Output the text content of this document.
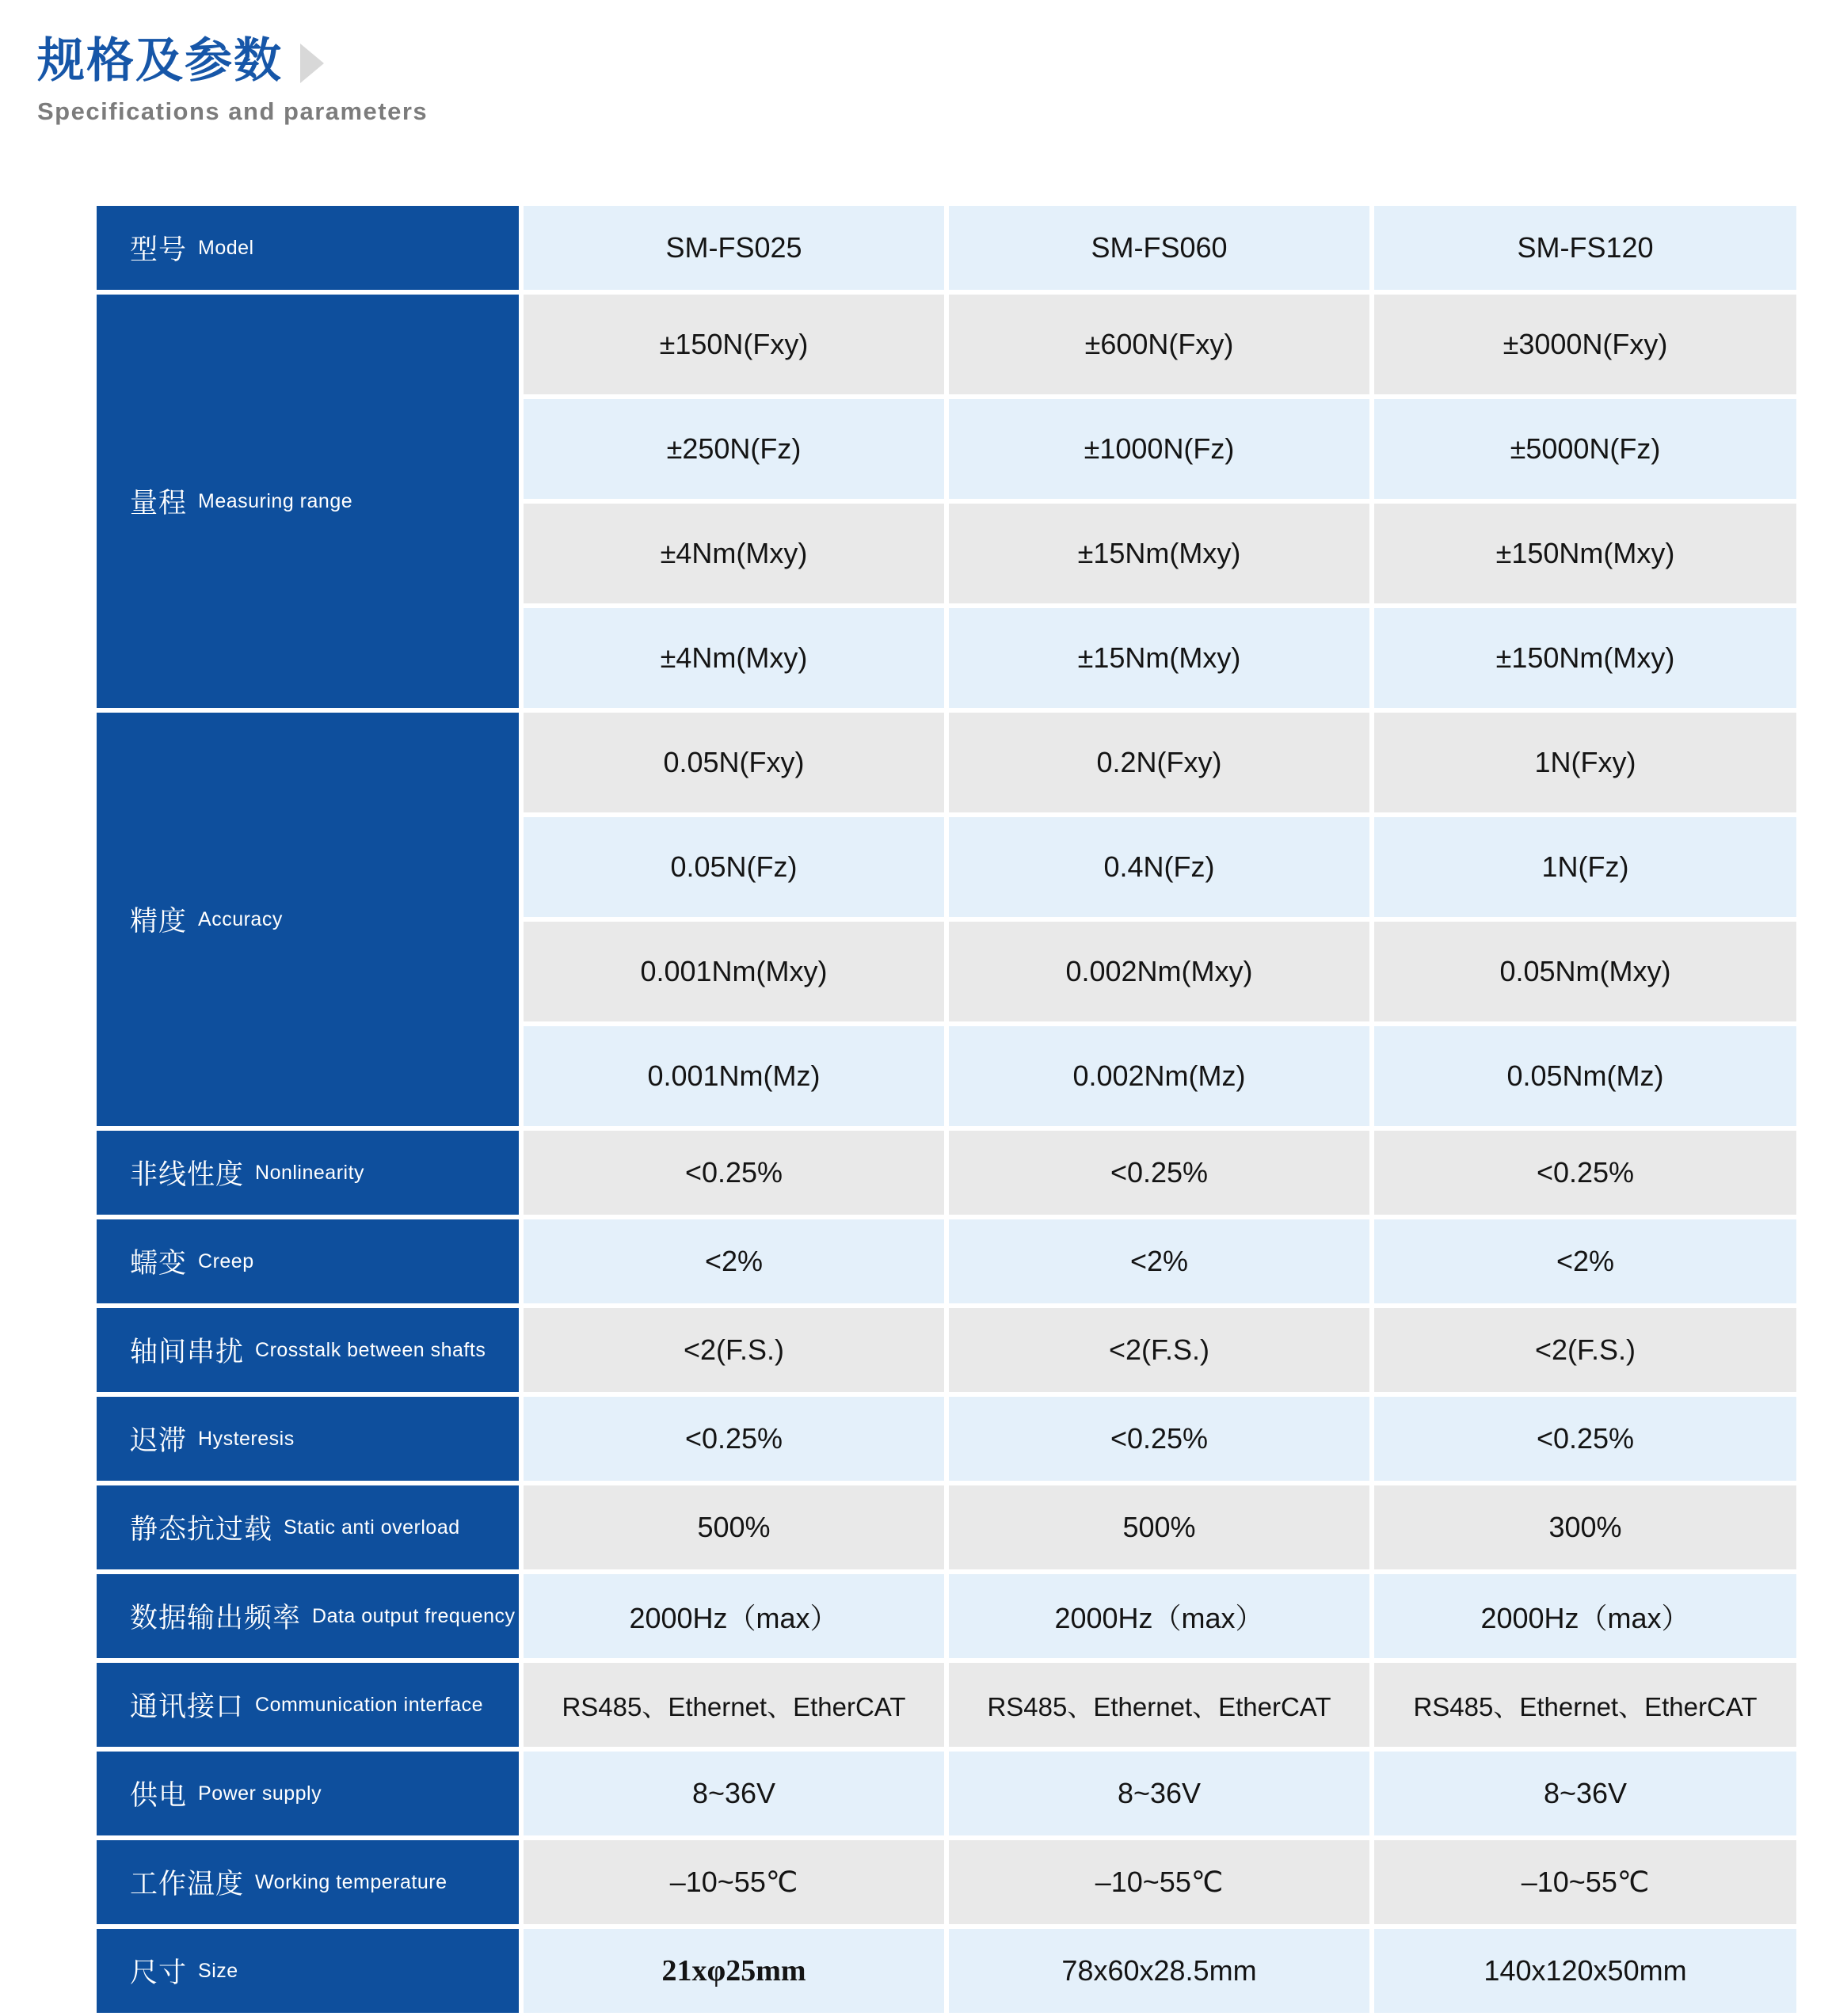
规格及参数
Specifications and parameters
型号 Model	SM-FS025	SM-FS060	SM-FS120
量程 Measuring range
±150N(Fxy)	±600N(Fxy)	±3000N(Fxy)
±250N(Fz)	±1000N(Fz)	±5000N(Fz)
±4Nm(Mxy)	±15Nm(Mxy)	±150Nm(Mxy)
±4Nm(Mxy)	±15Nm(Mxy)	±150Nm(Mxy)
精度 Accuracy
0.05N(Fxy)	0.2N(Fxy)	1N(Fxy)
0.05N(Fz)	0.4N(Fz)	1N(Fz)
0.001Nm(Mxy)	0.002Nm(Mxy)	0.05Nm(Mxy)
0.001Nm(Mz)	0.002Nm(Mz)	0.05Nm(Mz)
非线性度 Nonlinearity	<0.25%	<0.25%	<0.25%
蠕变 Creep	<2%	<2%	<2%
轴间串扰 Crosstalk between shafts	<2(F.S.)	<2(F.S.)	<2(F.S.)
迟滞 Hysteresis	<0.25%	<0.25%	<0.25%
静态抗过载 Static anti overload	500%	500%	300%
数据输出频率 Data output frequency	2000Hz（max）	2000Hz（max）	2000Hz（max）
通讯接口 Communication interface	RS485、Ethernet、EtherCAT	RS485、Ethernet、EtherCAT	RS485、Ethernet、EtherCAT
供电 Power supply	8~36V	8~36V	8~36V
工作温度 Working temperature	–10~55℃	–10~55℃	–10~55℃
尺寸 Size	21xφ25mm	78x60x28.5mm	140x120x50mm
